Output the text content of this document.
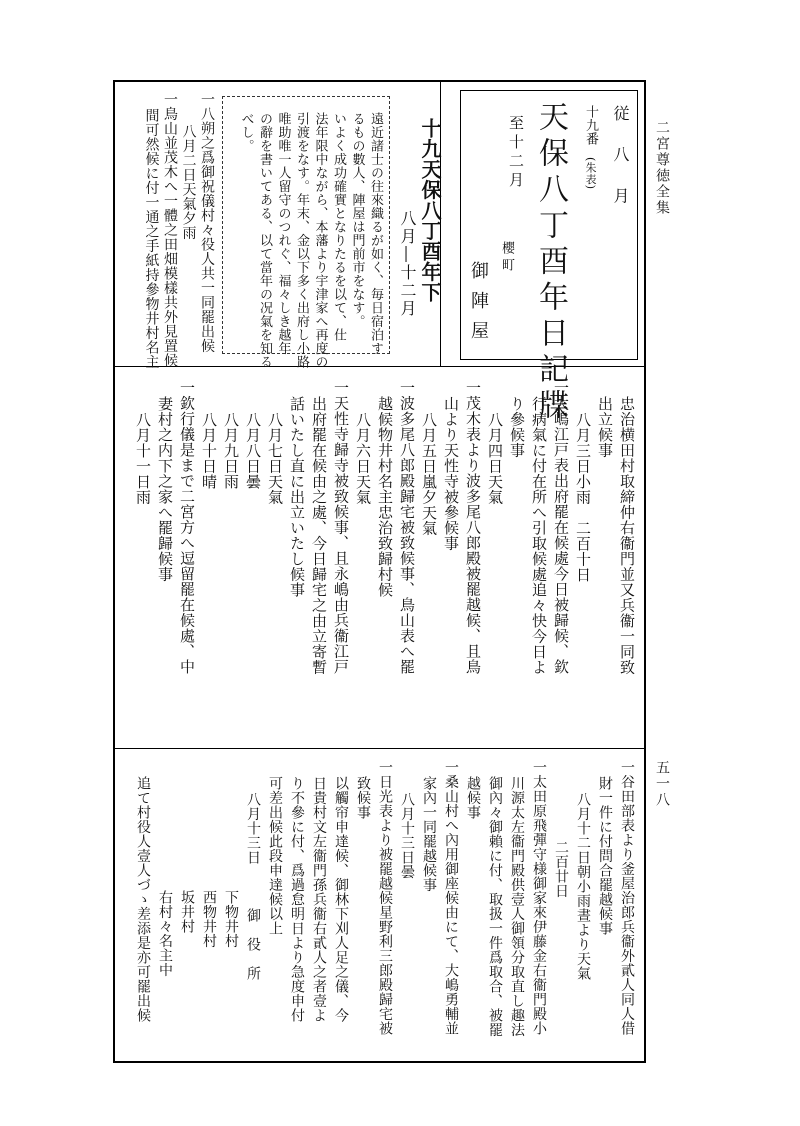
二宮尊徳全集
五一八
従 八 月
十九番
(朱表)
天保八丁酉年日記牒
至十二月
櫻町
御陣屋
十九天保八丁酉年下
八月―十二月
遠近諸士の往來織るが如く、毎日宿泊す
るもの數人、陣屋は門前市をなす。
いよく成功確實となりたるを以て、仕
法年限中ながら、本藩より宇津家へ再度の
引渡をなす。年末、金以下多く出府し小路
唯助唯一人留守のつれぐ、福々しき越年
の辭を書いてある、以て當年の况氣を知る
べし。
一八朔之爲御祝儀村々役人共一同罷出候
八月二日天氣夕雨
一鳥山並茂木へ一體之田畑模樣共外見置候
間可然候に付一通之手紙持參物井村名主
忠治横田村取締仲右衞門並又兵衞一同致
出立候事
八月三日小雨　二百十日
一大嶋江戸表出府罷在候處今日被歸候、欽
行病氣に付在所へ引取候處追々快今日よ
り參候事
八月四日天氣
一茂木表より波多尾八郎殿被罷越候、且鳥
山より天性寺被參候事
八月五日嵐夕天氣
一波多尾八郎殿歸宅被致候事、鳥山表へ罷
越候物井村名主忠治致歸村候
八月六日天氣
一天性寺歸寺被致候事、且永嶋由兵衞江戸
出府罷在候由之處、今日歸宅之由立寄暫
話いたし直に出立いたし候事
八月七日天氣
八月八日曇
八月九日雨
八月十日晴
一欽行儀是まで二宮方へ逗留罷在候處、中
妻村之内下之家へ罷歸候事
八月十一日雨
一谷田部表より釜屋治郎兵衞外貳人同人借
財一件に付問合罷越候事
八月十二日朝小雨晝より天氣
二百廿日
一太田原飛彈守様御家來伊藤金右衞門殿小
川源太左衞門殿供壹人御領分取直し趣法
御內々御賴に付、取扱一件爲取合、被罷
越候事
一桑山村へ內用御座候由にて、大嶋勇輔並
家內一同罷越候事
八月十三日曇
一日光表より被罷越候星野利三郎殿歸宅被
致候事
以觸帘申達候、御林下刈人足之儀、今
日貴村文左衞門孫兵衞右貳人之者壹よ
り不參に付、爲過怠明日より急度申付
可差出候此段申達候以上
八月十三日　　　御　役　所
下物井村
西物井村
坂井村
右村々名主中
追て村役人壹人づゝ差添是亦可罷出候
